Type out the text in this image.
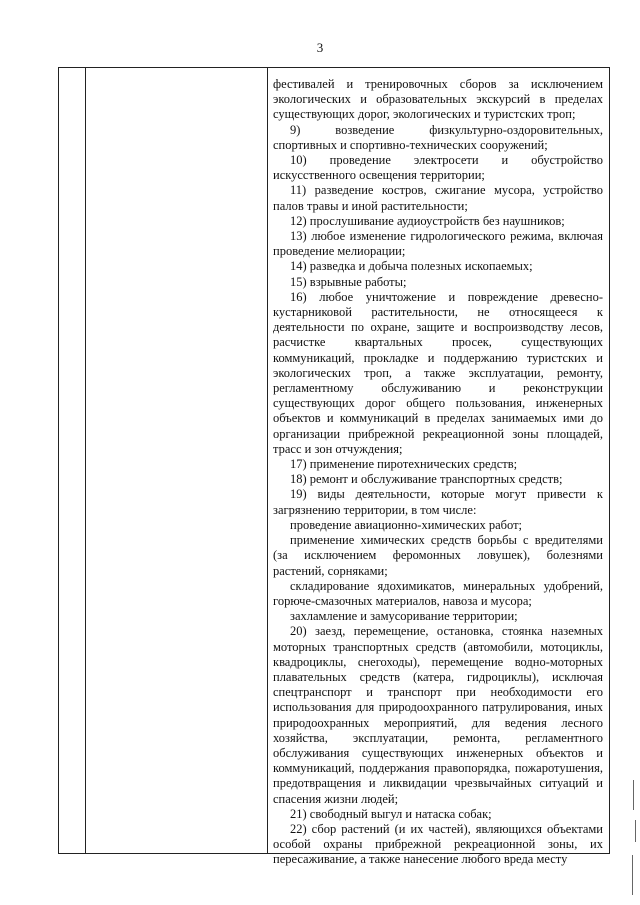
3

фестивалей и тренировочных сборов за исключением экологических и образовательных экскурсий в пределах существующих дорог, экологических и туристских троп;

9) возведение физкультурно-оздоровительных, спортивных и спортивно-технических сооружений;

10) проведение электросети и обустройство искусственного освещения территории;

11) разведение костров, сжигание мусора, устройство палов травы и иной растительности;

12) прослушивание аудиоустройств без наушников;

13) любое изменение гидрологического режима, включая проведение мелиорации;

14) разведка и добыча полезных ископаемых;

15) взрывные работы;

16) любое уничтожение и повреждение древесно-кустарниковой растительности, не относящееся к деятельности по охране, защите и воспроизводству лесов, расчистке квартальных просек, существующих коммуникаций, прокладке и поддержанию туристских и экологических троп, а также эксплуатации, ремонту, регламентному обслуживанию и реконструкции существующих дорог общего пользования, инженерных объектов и коммуникаций в пределах занимаемых ими до организации прибрежной рекреационной зоны площадей, трасс и зон отчуждения;

17) применение пиротехнических средств;

18) ремонт и обслуживание транспортных средств;

19) виды деятельности, которые могут привести к загрязнению территории, в том числе:

проведение авиационно-химических работ;

применение химических средств борьбы с вредителями (за исключением феромонных ловушек), болезнями растений, сорняками;

складирование ядохимикатов, минеральных удобрений, горюче-смазочных материалов, навоза и мусора;

захламление и замусоривание территории;

20) заезд, перемещение, остановка, стоянка наземных моторных транспортных средств (автомобили, мотоциклы, квадроциклы, снегоходы), перемещение водно-моторных плавательных средств (катера, гидроциклы), исключая спецтранспорт и транспорт при необходимости его использования для природоохранного патрулирования, иных природоохранных мероприятий, для ведения лесного хозяйства, эксплуатации, ремонта, регламентного обслуживания существующих инженерных объектов и коммуникаций, поддержания правопорядка, пожаротушения, предотвращения и ликвидации чрезвычайных ситуаций и спасения жизни людей;

21) свободный выгул и натаска собак;

22) сбор растений (и их частей), являющихся объектами особой охраны прибрежной рекреационной зоны, их пересаживание, а также нанесение любого вреда месту
